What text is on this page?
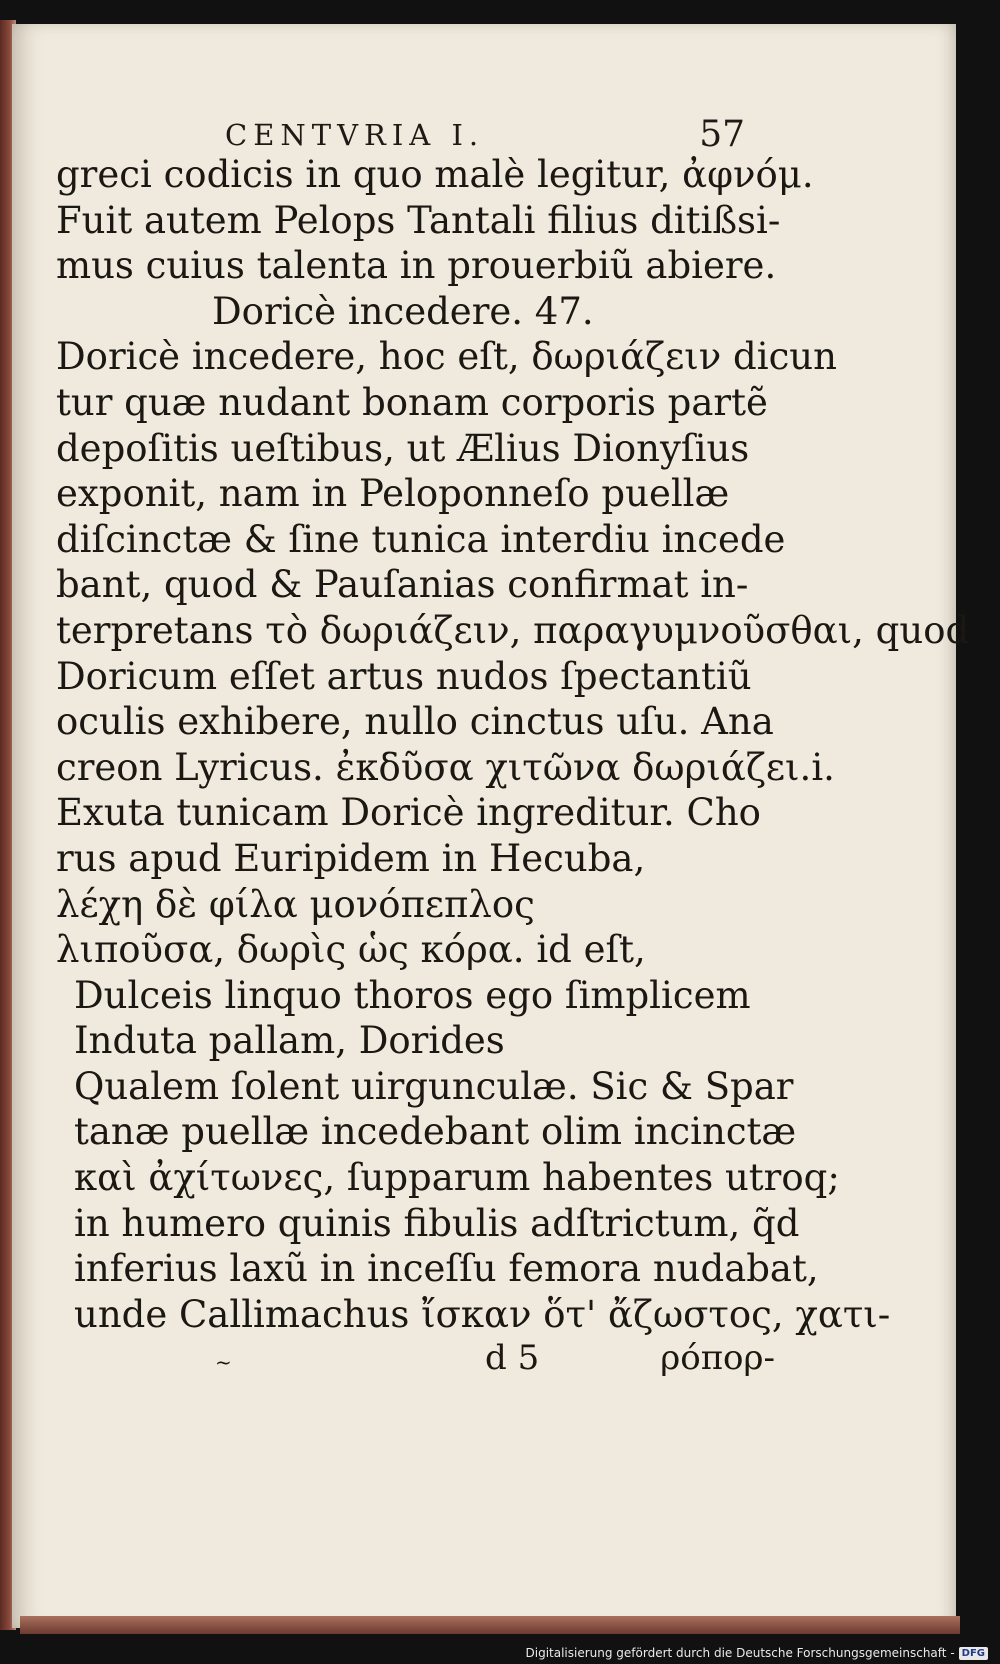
CENTVRIA I.	57
greci codicis in quo malè legitur, ἀφνόμ.
Fuit autem Pelops Tantali filius ditißsi-
mus cuius talenta in prouerbiũ abiere.
Doricè incedere. 47.
Doricè incedere, hoc eſt, δωριάζειν dicun
tur quæ nudant bonam corporis partẽ
depoſitis ueſtibus, ut Ælius Dionyſius
exponit, nam in Peloponneſo puellæ
diſcinctæ & ſine tunica interdiu incede
bant, quod & Pauſanias confirmat in-
terpretans τὸ δωριάζειν, παραγυμνοῦσθαι, quod
Doricum eſſet artus nudos ſpectantiũ
oculis exhibere, nullo cinctus uſu. Ana
creon Lyricus. ἐκδῦσα χιτῶνα δωριάζει.i.
Exuta tunicam Doricè ingreditur. Cho
rus apud Euripidem in Hecuba,
λέχη δὲ φίλα μονόπεπλος
λιποῦσα, δωρὶς ὡς κόρα. id eſt,
Dulceis linquo thoros ego ſimplicem
Induta pallam, Dorides
Qualem ſolent uirgunculæ. Sic & Spar
tanæ puellæ incedebant olim incinctæ
καὶ ἀχίτωνες, ſupparum habentes utroq;
in humero quinis fibulis adſtrictum, q̃d
inferius laxũ in inceſſu femora nudabat,
unde Callimachus ἴσκαν ὅτ' ἄζωστος, χατι-
~	d 5	ρόπορ-
Digitalisierung gefördert durch die Deutsche Forschungsgemeinschaft - DFG
